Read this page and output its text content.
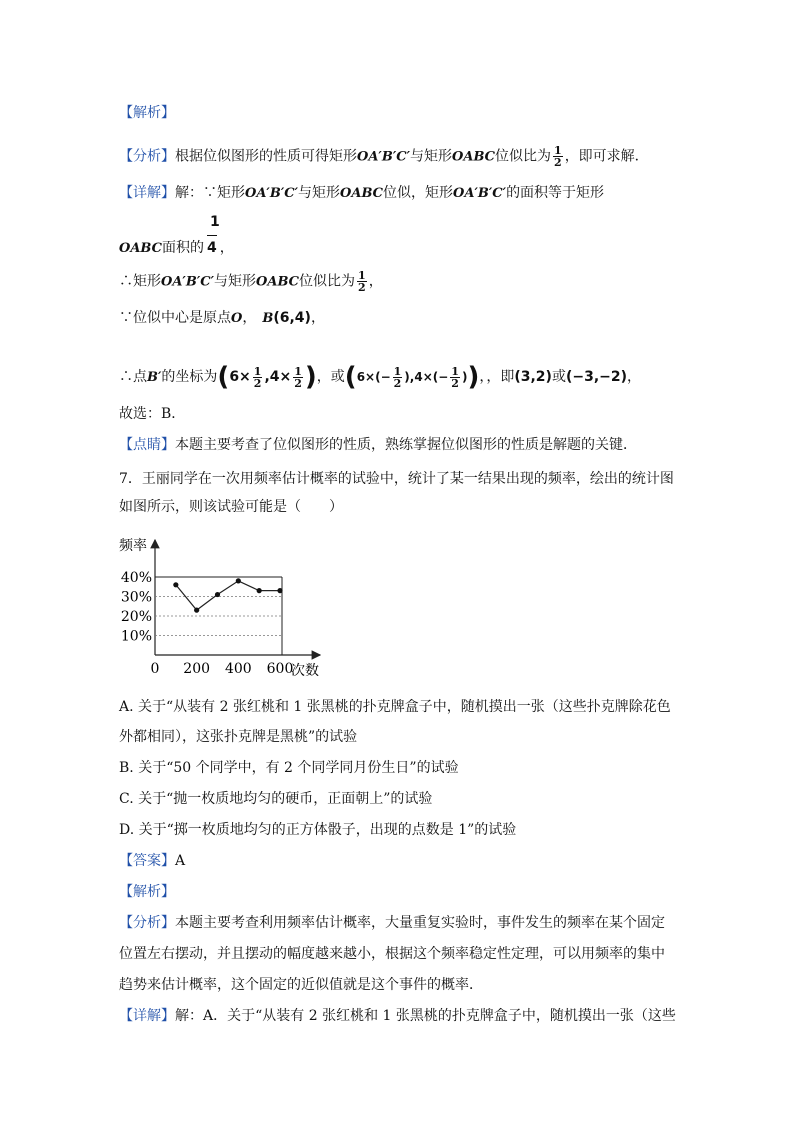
【解析】
【分析】根据位似图形的性质可得矩形OA′B′C′与矩形OABC位似比为 $\frac{1}{2}$ ，即可求解．
【详解】解：∵矩形OA′B′C′与矩形OABC位似，矩形OA′B′C′的面积等于矩形
1
OABC面积的 4 ，
∴矩形OA′B′C′与矩形OABC位似比为 $\frac{1}{2}$ ，
∵位似中心是原点O， B(6,4)，
∴点B′的坐标为($6\times \frac{1}{2} ,4\times \frac{1}{2}$ )，或($6\times(- \frac{1}{2} ),4\times(- \frac{1}{2}$ ))，，即(3,2)或(−3,−2)，
故选：B．
【点睛】本题主要考查了位似图形的性质，熟练掌握位似图形的性质是解题的关键．
7．王丽同学在一次用频率估计概率的试验中，统计了某一结果出现的频率，绘出的统计图
如图所示，则该试验可能是（　　）
10%
20%
30%
40%
0 200 400 600
频率
次数
A. 关于“从装有 2 张红桃和 1 张黑桃的扑克牌盒子中，随机摸出一张（这些扑克牌除花色
外都相同），这张扑克牌是黑桃”的试验
B. 关于“50 个同学中，有 2 个同学同月份生日”的试验
C. 关于“抛一枚质地均匀的硬币，正面朝上”的试验
D. 关于“掷一枚质地均匀的正方体骰子，出现的点数是 1”的试验
【答案】A
【解析】
【分析】本题主要考查利用频率估计概率，大量重复实验时，事件发生的频率在某个固定
位置左右摆动，并且摆动的幅度越来越小，根据这个频率稳定性定理，可以用频率的集中
趋势来估计概率，这个固定的近似值就是这个事件的概率．
【详解】解：A．关于“从装有 2 张红桃和 1 张黑桃的扑克牌盒子中，随机摸出一张（这些
